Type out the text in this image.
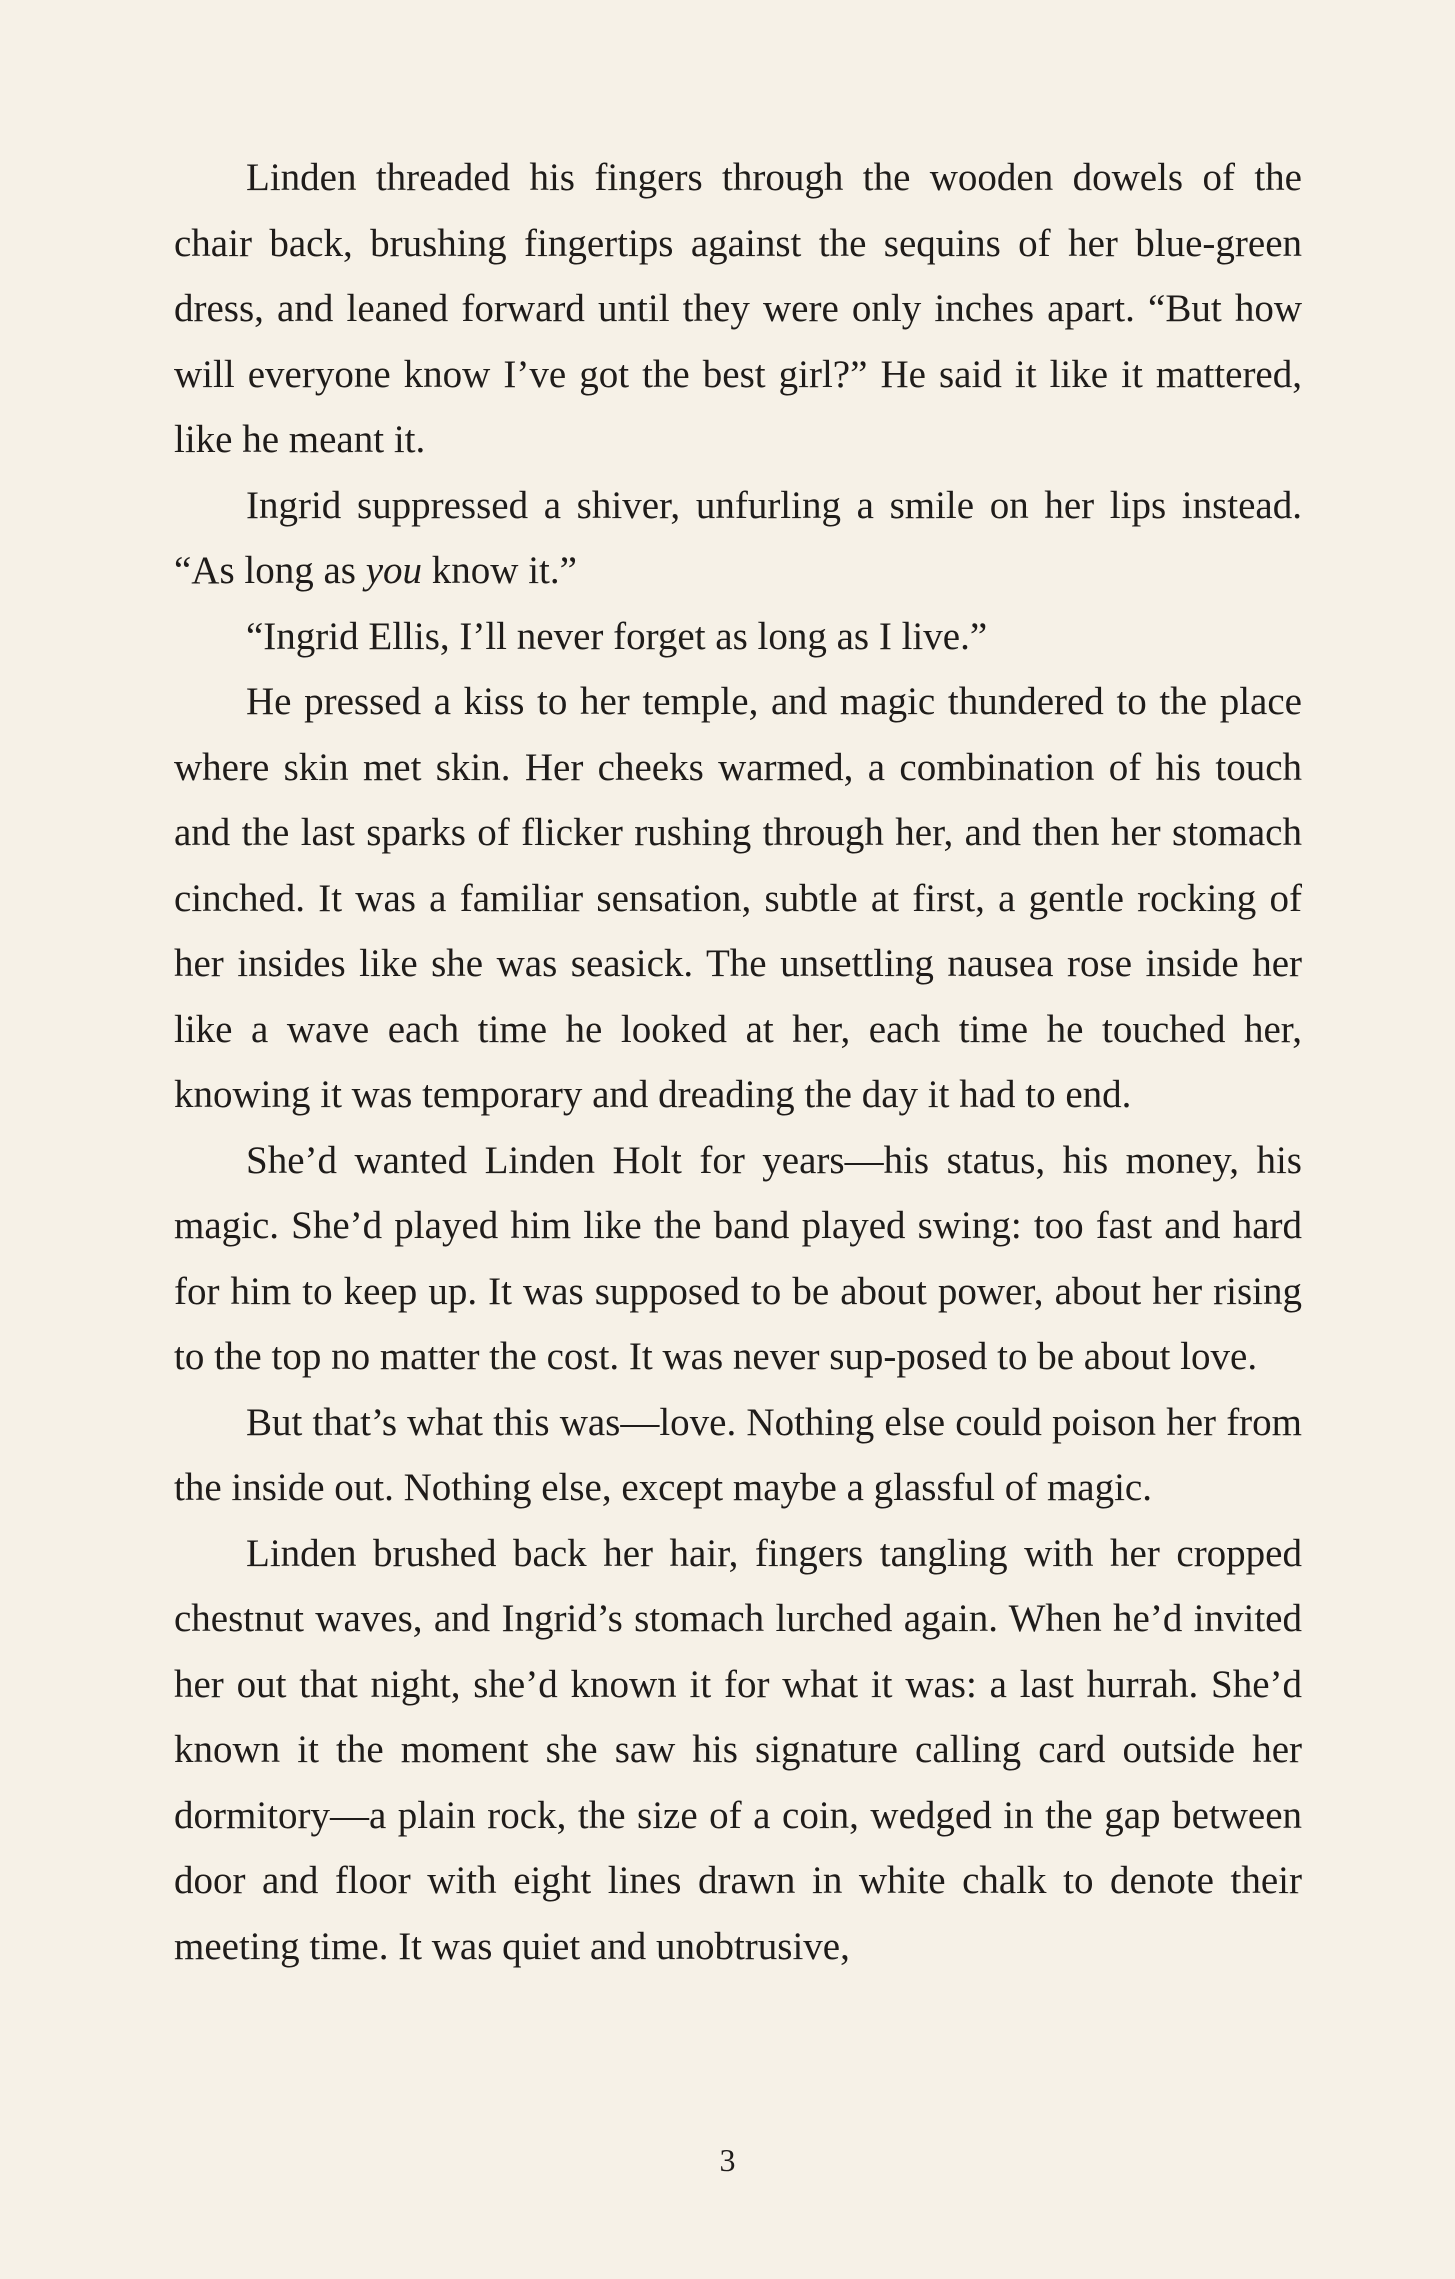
Linden threaded his fingers through the wooden dowels of the chair back, brushing fingertips against the sequins of her blue-green dress, and leaned forward until they were only inches apart. “But how will everyone know I’ve got the best girl?” He said it like it mattered, like he meant it.

Ingrid suppressed a shiver, unfurling a smile on her lips instead. “As long as you know it.”

“Ingrid Ellis, I’ll never forget as long as I live.”

He pressed a kiss to her temple, and magic thundered to the place where skin met skin. Her cheeks warmed, a combination of his touch and the last sparks of flicker rushing through her, and then her stomach cinched. It was a familiar sensation, subtle at first, a gentle rocking of her insides like she was seasick. The unsettling nausea rose inside her like a wave each time he looked at her, each time he touched her, knowing it was temporary and dreading the day it had to end.

She’d wanted Linden Holt for years—his status, his money, his magic. She’d played him like the band played swing: too fast and hard for him to keep up. It was supposed to be about power, about her rising to the top no matter the cost. It was never sup-posed to be about love.

But that’s what this was—love. Nothing else could poison her from the inside out. Nothing else, except maybe a glassful of magic.

Linden brushed back her hair, fingers tangling with her cropped chestnut waves, and Ingrid’s stomach lurched again. When he’d invited her out that night, she’d known it for what it was: a last hurrah. She’d known it the moment she saw his signature calling card outside her dormitory—a plain rock, the size of a coin, wedged in the gap between door and floor with eight lines drawn in white chalk to denote their meeting time. It was quiet and unobtrusive,

3
